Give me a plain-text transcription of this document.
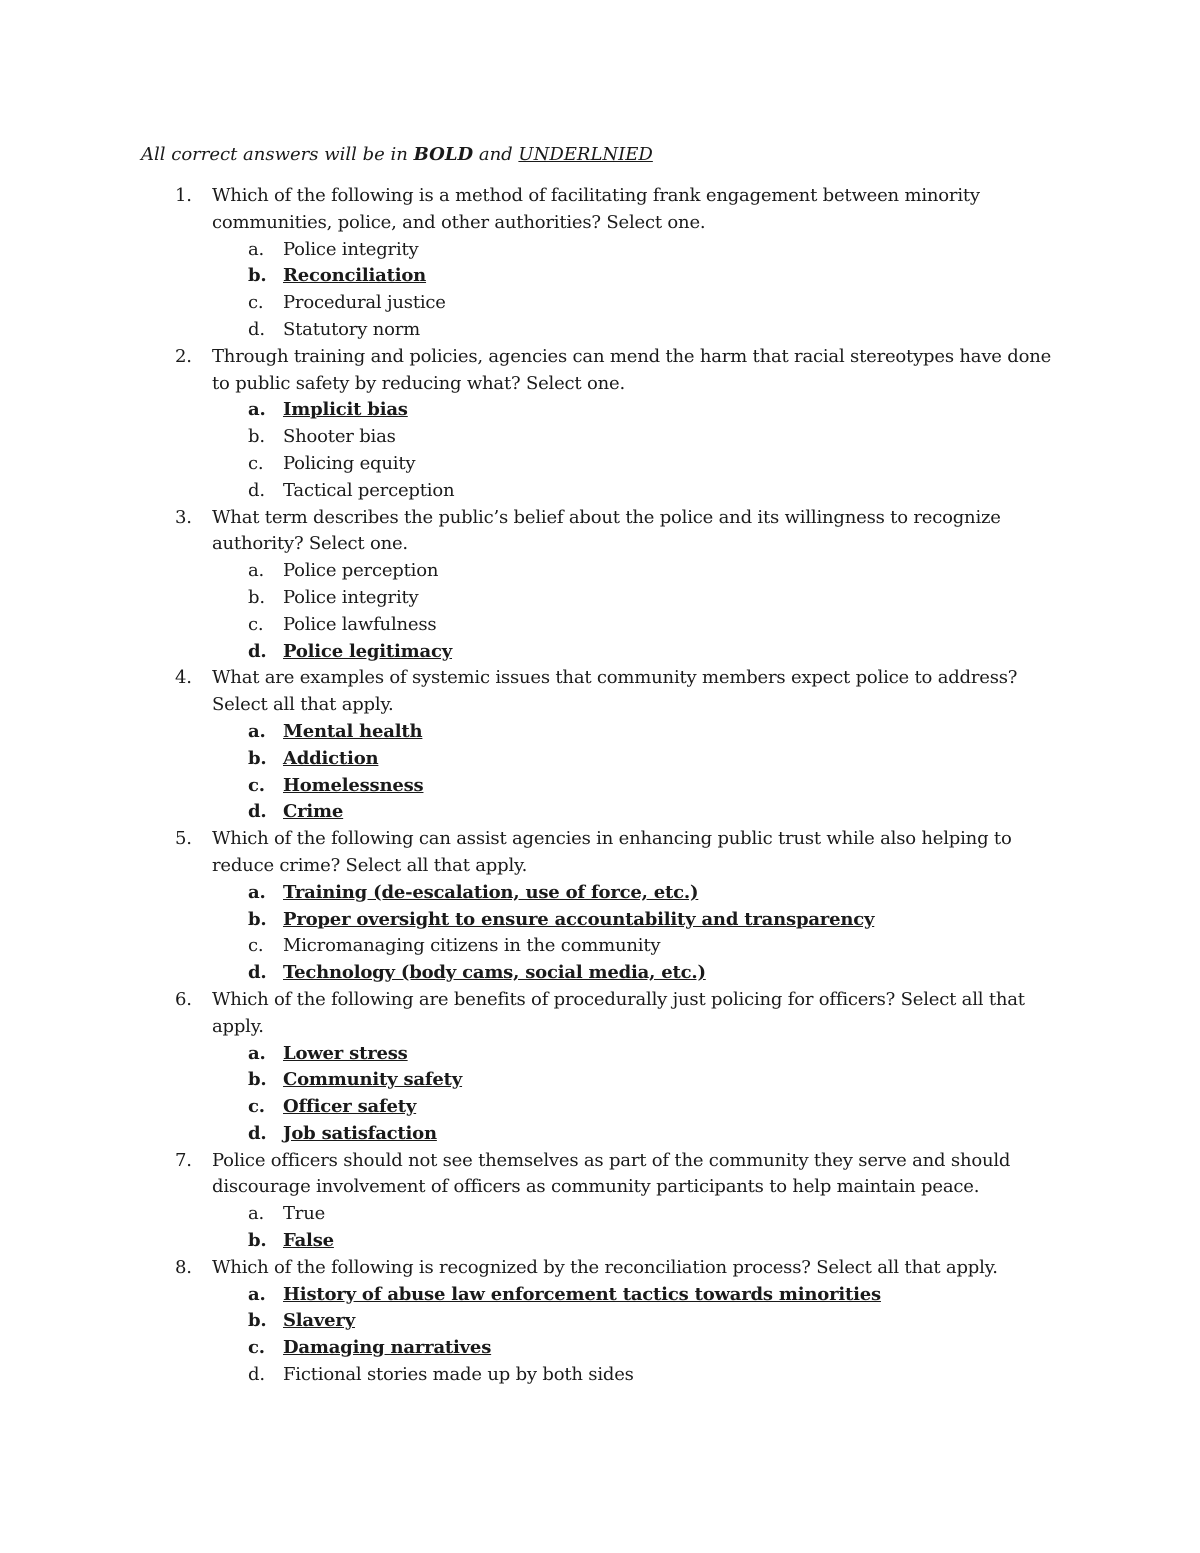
All correct answers will be in BOLD and UNDERLNIED
1. Which of the following is a method of facilitating frank engagement between minority communities, police, and other authorities? Select one.
a. Police integrity
b. Reconciliation
c. Procedural justice
d. Statutory norm
2. Through training and policies, agencies can mend the harm that racial stereotypes have done to public safety by reducing what? Select one.
a. Implicit bias
b. Shooter bias
c. Policing equity
d. Tactical perception
3. What term describes the public’s belief about the police and its willingness to recognize authority? Select one.
a. Police perception
b. Police integrity
c. Police lawfulness
d. Police legitimacy
4. What are examples of systemic issues that community members expect police to address? Select all that apply.
a. Mental health
b. Addiction
c. Homelessness
d. Crime
5. Which of the following can assist agencies in enhancing public trust while also helping to reduce crime? Select all that apply.
a. Training (de-escalation, use of force, etc.)
b. Proper oversight to ensure accountability and transparency
c. Micromanaging citizens in the community
d. Technology (body cams, social media, etc.)
6. Which of the following are benefits of procedurally just policing for officers? Select all that apply.
a. Lower stress
b. Community safety
c. Officer safety
d. Job satisfaction
7. Police officers should not see themselves as part of the community they serve and should discourage involvement of officers as community participants to help maintain peace.
a. True
b. False
8. Which of the following is recognized by the reconciliation process? Select all that apply.
a. History of abuse law enforcement tactics towards minorities
b. Slavery
c. Damaging narratives
d. Fictional stories made up by both sides
